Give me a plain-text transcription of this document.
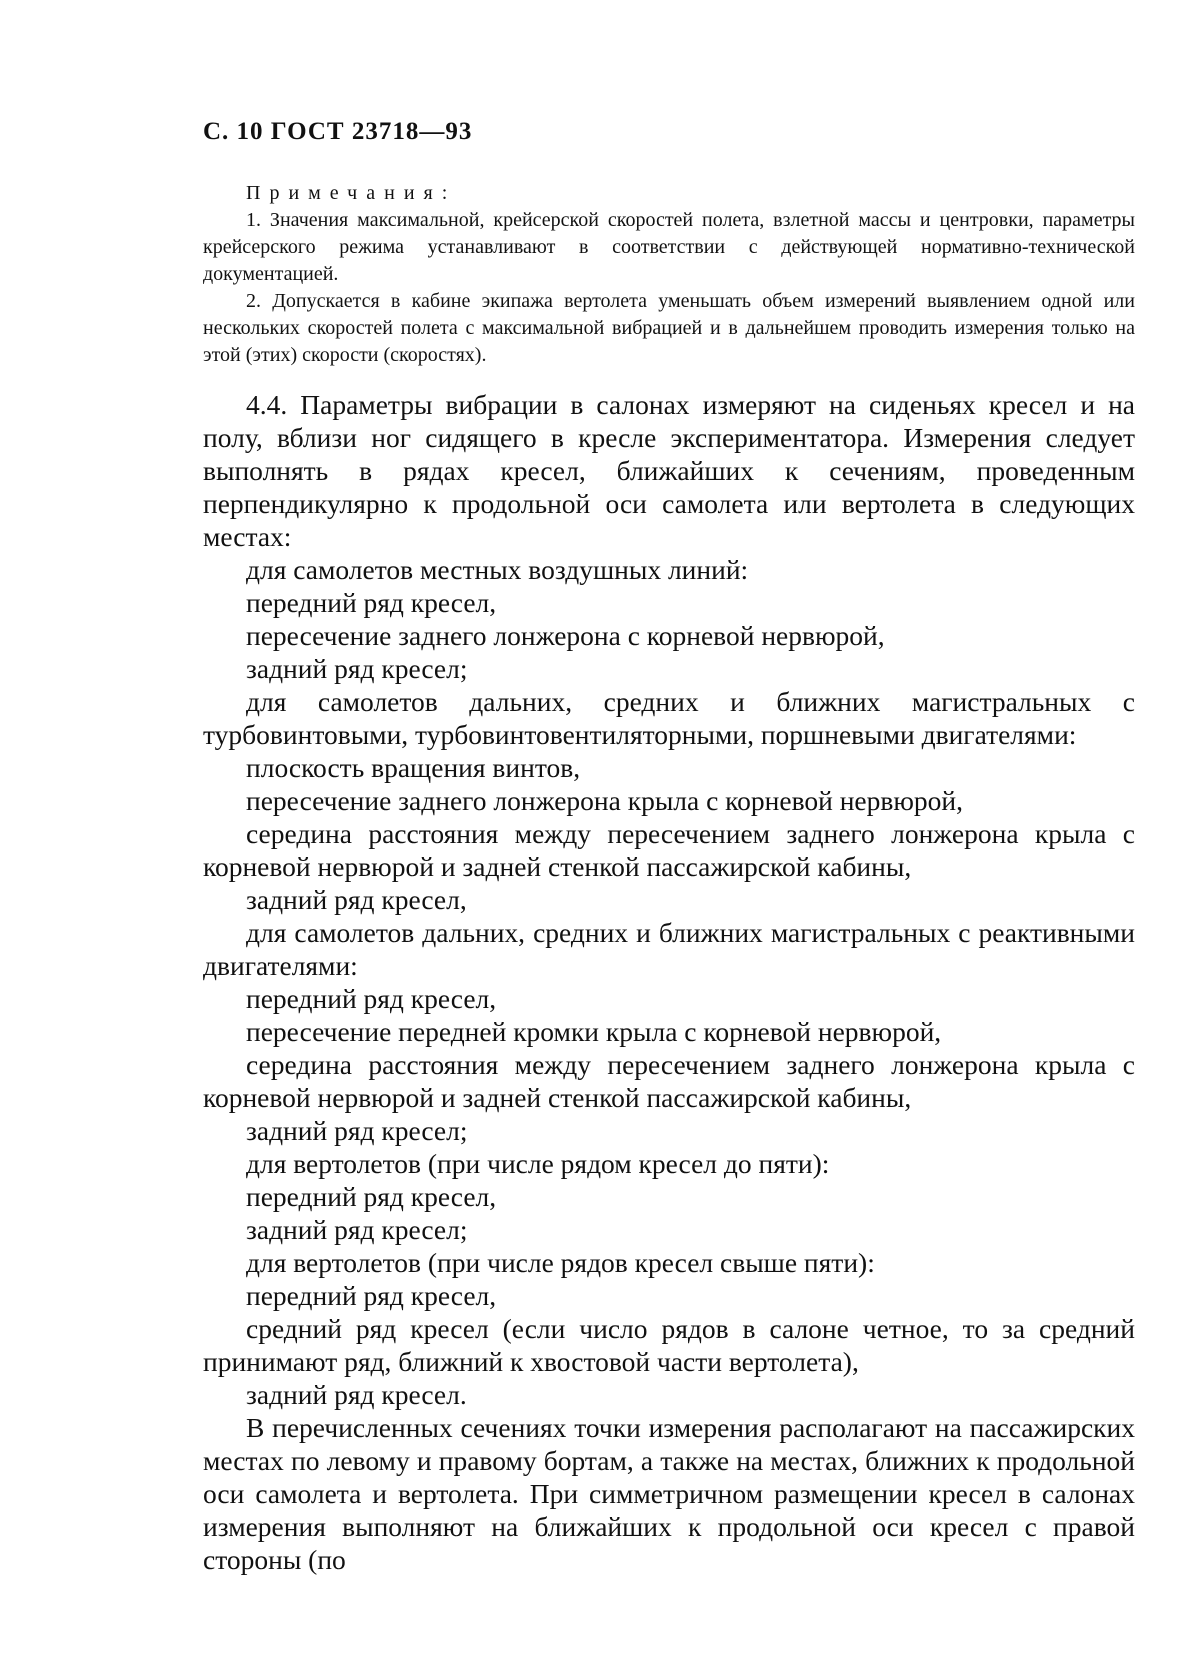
С. 10 ГОСТ 23718—93
Примечания:

1. Значения максимальной, крейсерской скоростей полета, взлетной массы и центровки, параметры крейсерского режима устанавливают в соответствии с действующей нормативно-технической документацией.

2. Допускается в кабине экипажа вертолета уменьшать объем измерений выявлением одной или нескольких скоростей полета с максимальной вибрацией и в дальнейшем проводить измерения только на этой (этих) скорости (скоростях).

4.4. Параметры вибрации в салонах измеряют на сиденьях кресел и на полу, вблизи ног сидящего в кресле экспериментатора. Измерения следует выполнять в рядах кресел, ближайших к сечениям, проведенным перпендикулярно к продольной оси самолета или вертолета в следующих местах:

для самолетов местных воздушных линий:

передний ряд кресел,

пересечение заднего лонжерона с корневой нервюрой,

задний ряд кресел;

для самолетов дальних, средних и ближних магистральных с турбовинтовыми, турбовинтовентиляторными, поршневыми двигателями:

плоскость вращения винтов,

пересечение заднего лонжерона крыла с корневой нервюрой,

середина расстояния между пересечением заднего лонжерона крыла с корневой нервюрой и задней стенкой пассажирской кабины,

задний ряд кресел,

для самолетов дальних, средних и ближних магистральных с реактивными двигателями:

передний ряд кресел,

пересечение передней кромки крыла с корневой нервюрой,

середина расстояния между пересечением заднего лонжерона крыла с корневой нервюрой и задней стенкой пассажирской кабины,

задний ряд кресел;

для вертолетов (при числе рядом кресел до пяти):

передний ряд кресел,

задний ряд кресел;

для вертолетов (при числе рядов кресел свыше пяти):

передний ряд кресел,

средний ряд кресел (если число рядов в салоне четное, то за средний принимают ряд, ближний к хвостовой части вертолета),

задний ряд кресел.

В перечисленных сечениях точки измерения располагают на пассажирских местах по левому и правому бортам, а также на местах, ближних к продольной оси самолета и вертолета. При симметричном размещении кресел в салонах измерения выполняют на ближайших к продольной оси кресел с правой стороны (по
